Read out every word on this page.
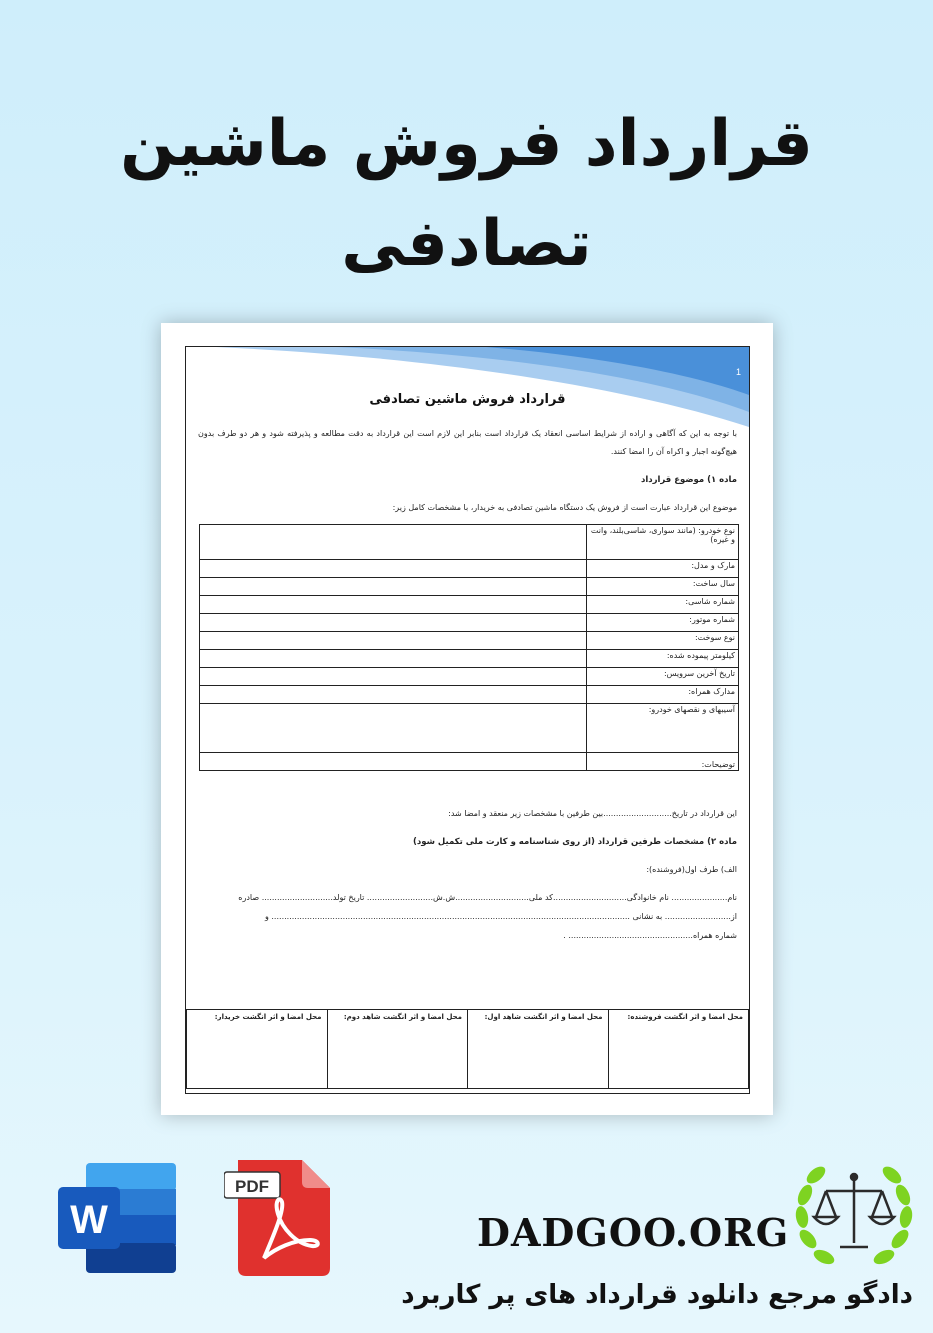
قرارداد فروش ماشین
تصادفی
1
قرارداد فروش ماشین تصادفی
با توجه به این که آگاهی و اراده از شرایط اساسی انعقاد یک قرارداد است بنابر این لازم است این قرارداد به دقت مطالعه و پذیرفته شود و هر دو طرف بدون هیچ‌گونه اجبار و اکراه آن را امضا کنند.
ماده ۱) موضوع قرارداد
موضوع این قرارداد عبارت است از فروش یک دستگاه ماشین تصادفی به خریدار، با مشخصات کامل زیر:
نوع خودرو: (مانند سواری، شاسی‌بلند، وانت و غیره)	
مارک و مدل:	
سال ساخت:	
شماره شاسی:	
شماره موتور:	
نوع سوخت:	
کیلومتر پیموده شده:	
تاریخ آخرین سرویس:	
مدارک همراه:	
آسیبهای و نقصهای خودرو:	
توضیحات:	
این قرارداد در تاریخ...........................بین طرفین با مشخصات زیر منعقد و امضا شد:
ماده ۲) مشخصات طرفین قرارداد (از روی شناسنامه و کارت ملی تکمیل شود)
الف) طرف اول(فروشنده):
نام...................... نام خانوادگی.............................کد ملی.............................ش.ش.......................... تاریخ تولد............................ صادره
از.......................... به نشانی ............................................................................................................................................. و
شماره همراه................................................. .
محل امضا و اثر انگشت فروشنده:	محل امضا و اثر انگشت شاهد اول:	محل امضا و اثر انگشت شاهد دوم:	محل امضا و اثر انگشت خریدار:
W
PDF
DADGOO.ORG
دادگو مرجع دانلود قرارداد های پر کاربرد
